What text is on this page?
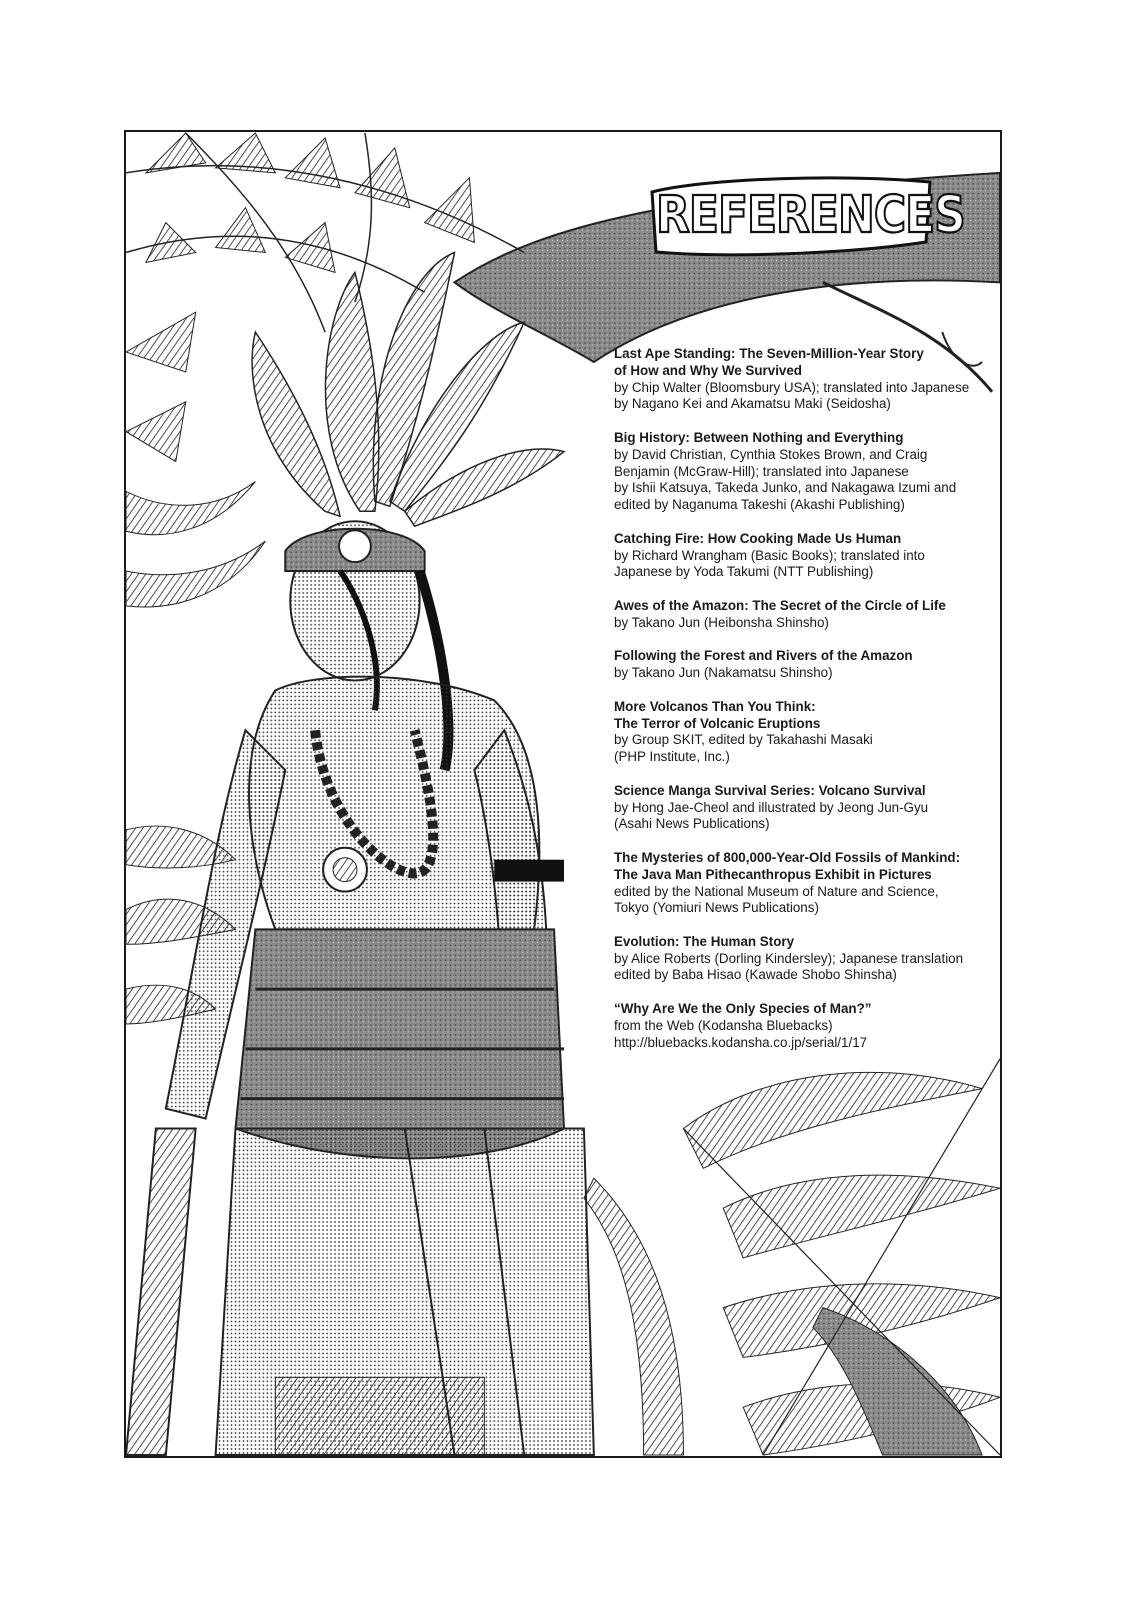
REFERENCES
Last Ape Standing: The Seven-Million-Year Story
of How and Why We Survived
by Chip Walter (Bloomsbury USA); translated into Japanese
by Nagano Kei and Akamatsu Maki (Seidosha)
Big History: Between Nothing and Everything
by David Christian, Cynthia Stokes Brown, and Craig
Benjamin (McGraw-Hill); translated into Japanese
by Ishii Katsuya, Takeda Junko, and Nakagawa Izumi and
edited by Naganuma Takeshi (Akashi Publishing)
Catching Fire: How Cooking Made Us Human
by Richard Wrangham (Basic Books); translated into
Japanese by Yoda Takumi (NTT Publishing)
Awes of the Amazon: The Secret of the Circle of Life
by Takano Jun (Heibonsha Shinsho)
Following the Forest and Rivers of the Amazon
by Takano Jun (Nakamatsu Shinsho)
More Volcanos Than You Think:
The Terror of Volcanic Eruptions
by Group SKIT, edited by Takahashi Masaki
(PHP Institute, Inc.)
Science Manga Survival Series: Volcano Survival
by Hong Jae-Cheol and illustrated by Jeong Jun-Gyu
(Asahi News Publications)
The Mysteries of 800,000-Year-Old Fossils of Mankind:
The Java Man Pithecanthropus Exhibit in Pictures
edited by the National Museum of Nature and Science,
Tokyo (Yomiuri News Publications)
Evolution: The Human Story
by Alice Roberts (Dorling Kindersley); Japanese translation
edited by Baba Hisao (Kawade Shobo Shinsha)
“Why Are We the Only Species of Man?”
from the Web (Kodansha Bluebacks)
http://bluebacks.kodansha.co.jp/serial/1/17
